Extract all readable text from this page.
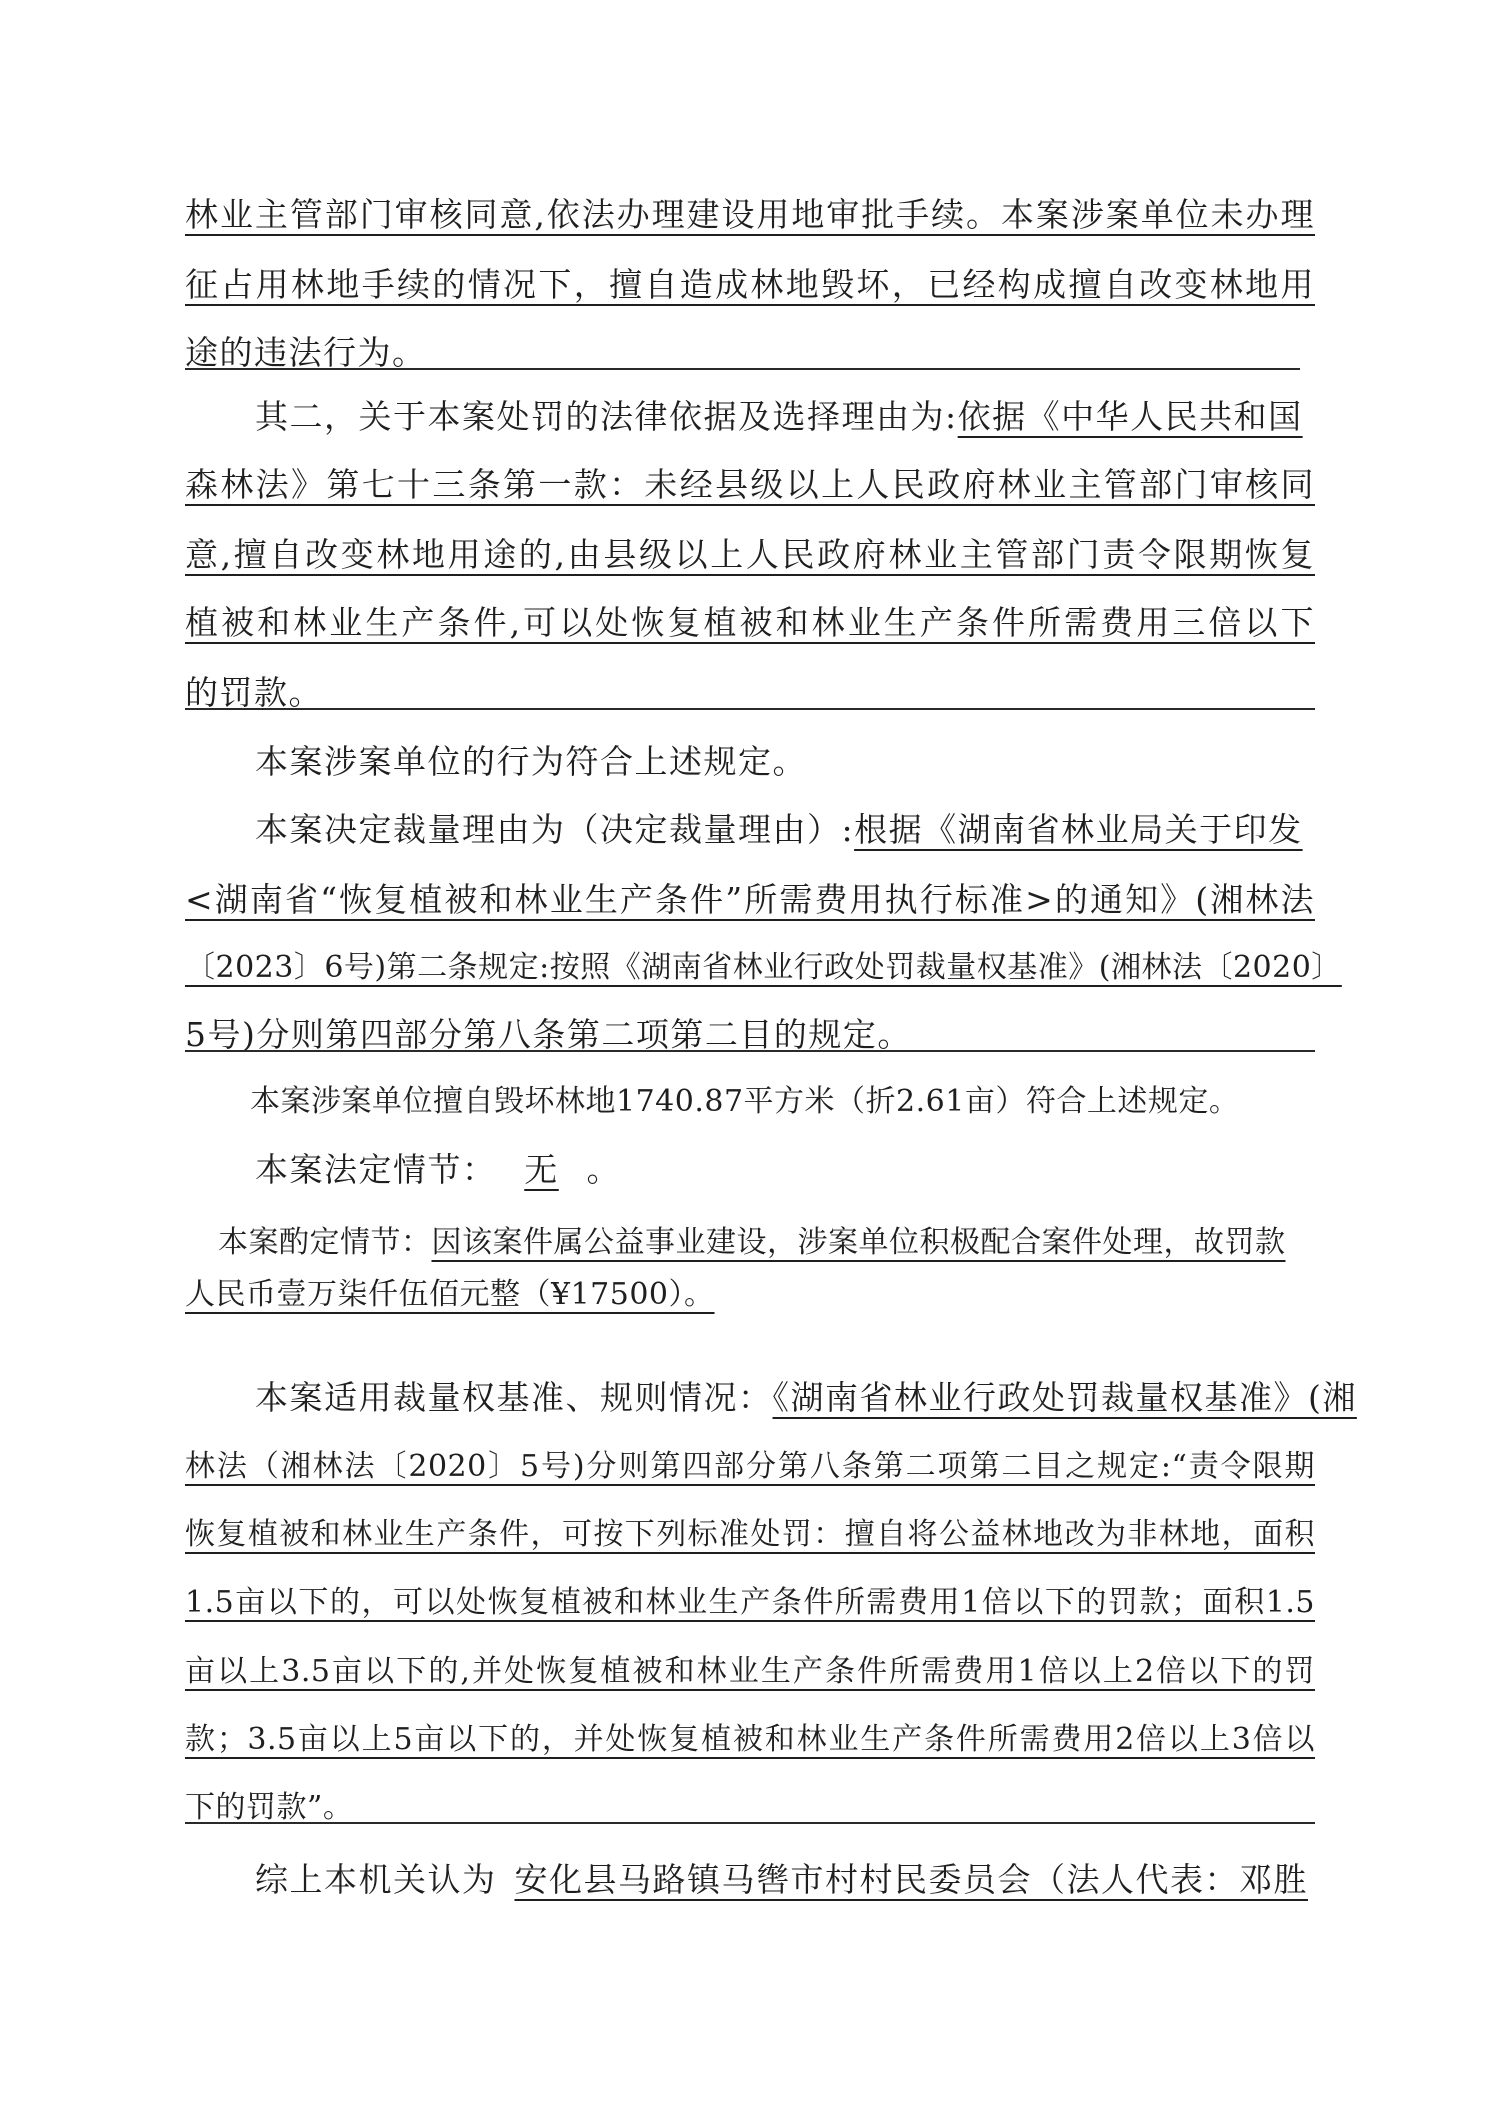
林业主管部门审核同意,依法办理建设用地审批手续。本案涉案单位未办理
征占用林地手续的情况下，擅自造成林地毁坏，已经构成擅自改变林地用
途的违法行为。
其二，关于本案处罚的法律依据及选择理由为:依据《中华人民共和国
森林法》第七十三条第一款：未经县级以上人民政府林业主管部门审核同
意,擅自改变林地用途的,由县级以上人民政府林业主管部门责令限期恢复
植被和林业生产条件,可以处恢复植被和林业生产条件所需费用三倍以下
的罚款。
本案涉案单位的行为符合上述规定。
本案决定裁量理由为（决定裁量理由）:根据《湖南省林业局关于印发
<湖南省“恢复植被和林业生产条件”所需费用执行标准>的通知》(湘林法
〔2023〕6号)第二条规定:按照《湖南省林业行政处罚裁量权基准》(湘林法〔2020〕
5号)分则第四部分第八条第二项第二目的规定。
本案涉案单位擅自毁坏林地1740.87平方米（折2.61亩）符合上述规定。
本案法定情节： 无 。
本案酌定情节：因该案件属公益事业建设，涉案单位积极配合案件处理，故罚款
人民币壹万柒仟伍佰元整（¥17500）。
本案适用裁量权基准、规则情况：《湖南省林业行政处罚裁量权基准》(湘
林法（湘林法〔2020〕5号)分则第四部分第八条第二项第二目之规定:“责令限期
恢复植被和林业生产条件，可按下列标准处罚：擅自将公益林地改为非林地，面积
1.5亩以下的，可以处恢复植被和林业生产条件所需费用1倍以下的罚款；面积1.5
亩以上3.5亩以下的,并处恢复植被和林业生产条件所需费用1倍以上2倍以下的罚
款；3.5亩以上5亩以下的，并处恢复植被和林业生产条件所需费用2倍以上3倍以
下的罚款”。
综上本机关认为 安化县马路镇马辔市村村民委员会（法人代表：邓胜
